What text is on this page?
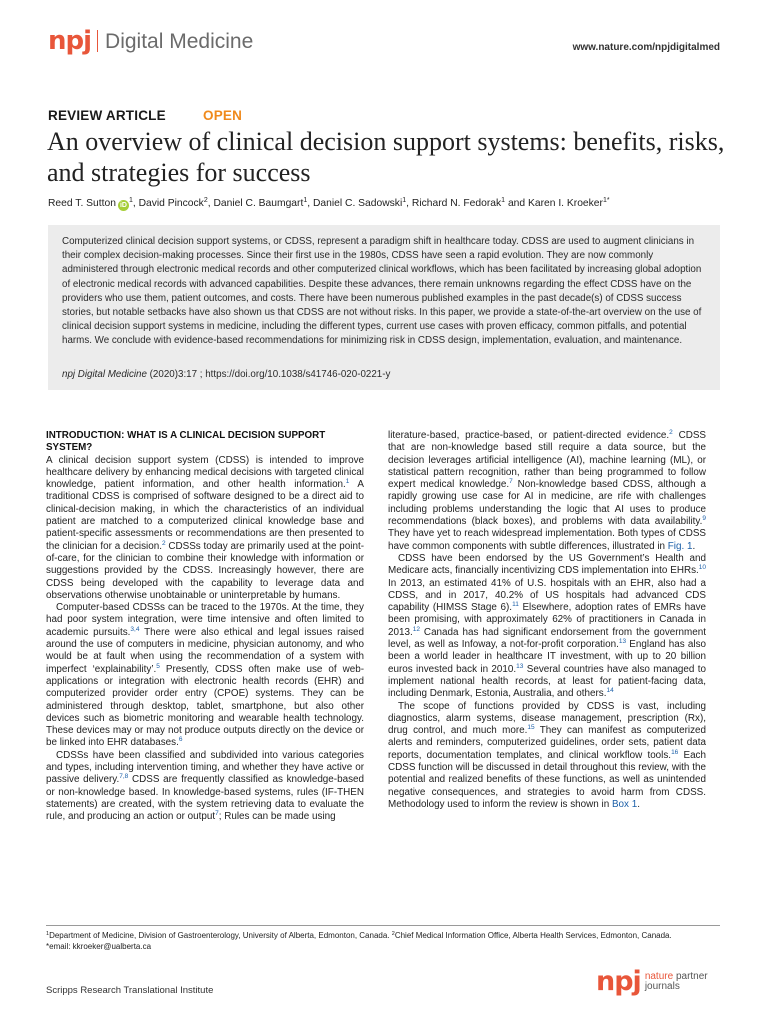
npj Digital Medicine	www.nature.com/npjdigitalmed
REVIEW ARTICLE	OPEN
An overview of clinical decision support systems: benefits, risks, and strategies for success
Reed T. Sutton $iD^1$, David Pincock$^2$, Daniel C. Baumgart$^1$, Daniel C. Sadowski$^1$, Richard N. Fedorak$^1$ and Karen I. Kroeker$^{1*}$
Computerized clinical decision support systems, or CDSS, represent a paradigm shift in healthcare today. CDSS are used to augment clinicians in their complex decision-making processes. Since their first use in the 1980s, CDSS have seen a rapid evolution. They are now commonly administered through electronic medical records and other computerized clinical workflows, which has been facilitated by increasing global adoption of electronic medical records with advanced capabilities. Despite these advances, there remain unknowns regarding the effect CDSS have on the providers who use them, patient outcomes, and costs. There have been numerous published examples in the past decade(s) of CDSS success stories, but notable setbacks have also shown us that CDSS are not without risks. In this paper, we provide a state-of-the-art overview on the use of clinical decision support systems in medicine, including the different types, current use cases with proven efficacy, common pitfalls, and potential harms. We conclude with evidence-based recommendations for minimizing risk in CDSS design, implementation, evaluation, and maintenance.
npj Digital Medicine (2020)3:17 ; https://doi.org/10.1038/s41746-020-0221-y
INTRODUCTION: WHAT IS A CLINICAL DECISION SUPPORT SYSTEM?

A clinical decision support system (CDSS) is intended to improve healthcare delivery by enhancing medical decisions with targeted clinical knowledge, patient information, and other health information.$^1$ A traditional CDSS is comprised of software designed to be a direct aid to clinical-decision making, in which the characteristics of an individual patient are matched to a computerized clinical knowledge base and patient-specific assessments or recommendations are then presented to the clinician for a decision.$^2$ CDSSs today are primarily used at the point-of-care, for the clinician to combine their knowledge with information or suggestions provided by the CDSS. Increasingly however, there are CDSS being developed with the capability to leverage data and observations otherwise unobtainable or uninterpretable by humans.

Computer-based CDSSs can be traced to the 1970s. At the time, they had poor system integration, were time intensive and often limited to academic pursuits.$^{3,4}$ There were also ethical and legal issues raised around the use of computers in medicine, physician autonomy, and who would be at fault when using the recommendation of a system with imperfect ‘explainability’.$^5$ Presently, CDSS often make use of web-applications or integration with electronic health records (EHR) and computerized provider order entry (CPOE) systems. They can be administered through desktop, tablet, smartphone, but also other devices such as biometric monitoring and wearable health technology. These devices may or may not produce outputs directly on the device or be linked into EHR databases.$^6$

CDSSs have been classified and subdivided into various categories and types, including intervention timing, and whether they have active or passive delivery.$^{7,8}$ CDSS are frequently classified as knowledge-based or non-knowledge based. In knowledge-based systems, rules (IF-THEN statements) are created, with the system retrieving data to evaluate the rule, and producing an action or output$^7$; Rules can be made using

literature-based, practice-based, or patient-directed evidence.$^2$ CDSS that are non-knowledge based still require a data source, but the decision leverages artificial intelligence (AI), machine learning (ML), or statistical pattern recognition, rather than being programmed to follow expert medical knowledge.$^7$ Non-knowledge based CDSS, although a rapidly growing use case for AI in medicine, are rife with challenges including problems understanding the logic that AI uses to produce recommendations (black boxes), and problems with data availability.$^9$ They have yet to reach widespread implementation. Both types of CDSS have common components with subtle differences, illustrated in Fig. 1.

CDSS have been endorsed by the US Government’s Health and Medicare acts, financially incentivizing CDS implementation into EHRs.$^{10}$ In 2013, an estimated 41% of U.S. hospitals with an EHR, also had a CDSS, and in 2017, 40.2% of US hospitals had advanced CDS capability (HIMSS Stage 6).$^{11}$ Elsewhere, adoption rates of EMRs have been promising, with approximately 62% of practitioners in Canada in 2013.12 Canada has had significant endorsement from the government level, as well as Infoway, a not-for-profit corporation.$^{13}$ England has also been a world leader in healthcare IT investment, with up to 20 billion euros invested back in 2010.13 Several countries have also managed to implement national health records, at least for patient-facing data, including Denmark, Estonia, Australia, and others.$^{14}$

The scope of functions provided by CDSS is vast, including diagnostics, alarm systems, disease management, prescription (Rx), drug control, and much more.$^{15}$ They can manifest as computerized alerts and reminders, computerized guidelines, order sets, patient data reports, documentation templates, and clinical workflow tools.$^{16}$ Each CDSS function will be discussed in detail throughout this review, with the potential and realized benefits of these functions, as well as unintended negative consequences, and strategies to avoid harm from CDSS. Methodology used to inform the review is shown in Box 1.

$^1$Department of Medicine, Division of Gastroenterology, University of Alberta, Edmonton, Canada. $^2$Chief Medical Information Office, Alberta Health Services, Edmonton, Canada.
*email: kkroeker@ualberta.ca
Scripps Research Translational Institute	npj nature partner
journals
